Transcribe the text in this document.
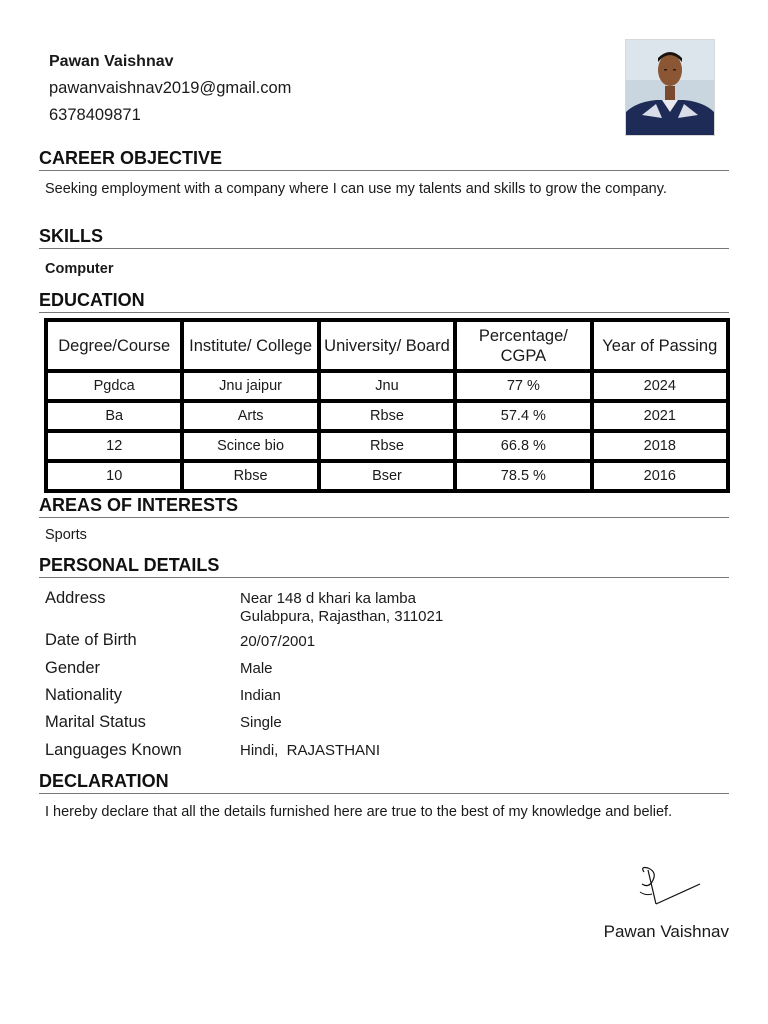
Pawan Vaishnav
pawanvaishnav2019@gmail.com
6378409871
CAREER OBJECTIVE
Seeking employment with a company where I can use my talents and skills to grow the company.
SKILLS
Computer
EDUCATION
Degree/Course	Institute/ College	University/ Board	Percentage/ CGPA	Year of Passing
Pgdca	Jnu jaipur	Jnu	77 %	2024
Ba	Arts	Rbse	57.4 %	2021
12	Scince bio	Rbse	66.8 %	2018
10	Rbse	Bser	78.5 %	2016
AREAS OF INTERESTS
Sports
PERSONAL DETAILS
Address	Near 148 d khari ka lamba
Gulabpura, Rajasthan, 311021
Date of Birth	20/07/2001
Gender	Male
Nationality	Indian
Marital Status	Single
Languages Known	Hindi,  RAJASTHANI
DECLARATION
I hereby declare that all the details furnished here are true to the best of my knowledge and belief.
Pawan Vaishnav
